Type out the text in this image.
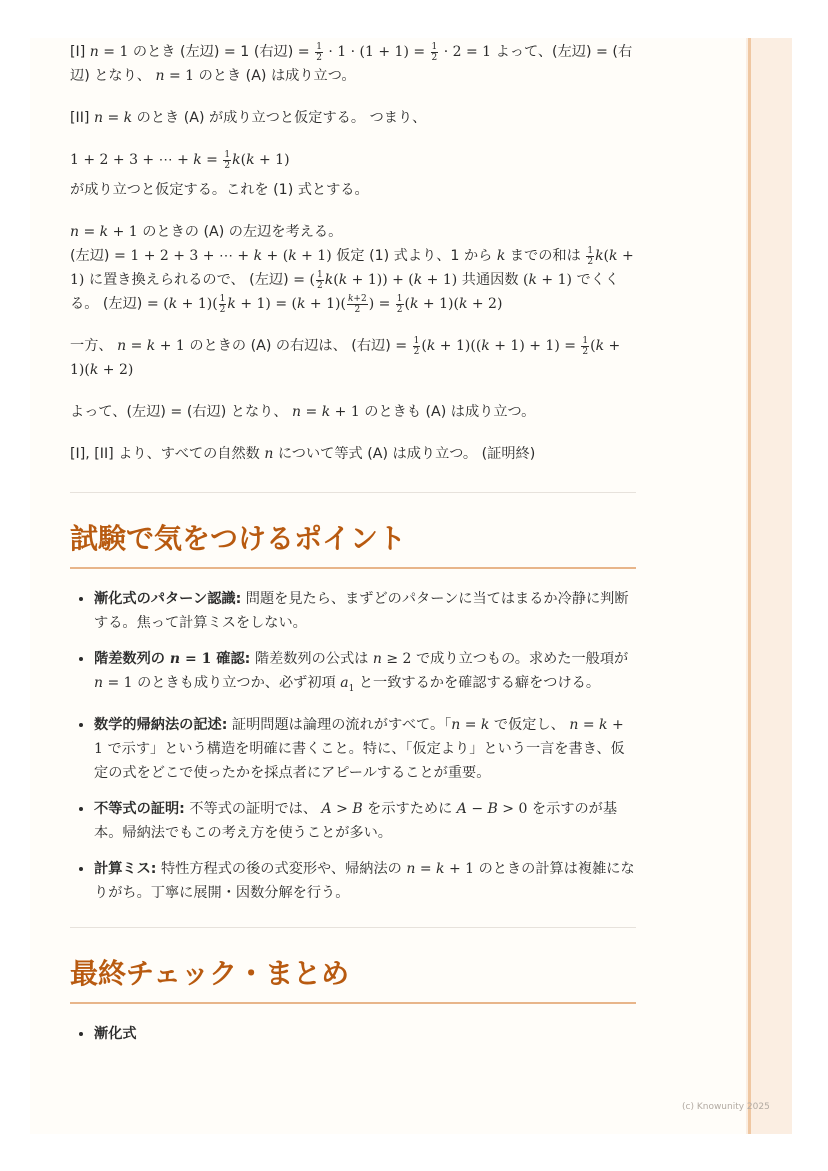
[I] n = 1 のとき (左辺) = 1 (右辺) = $\frac{1}{2} \cdot 1 \cdot (1 + 1) = \frac{1}{2} \cdot 2 = 1$ よって、(左辺) = (右辺) となり、 n = 1 のとき (A) は成り立つ。

[II] n = k のとき (A) が成り立つと仮定する。 つまり、

1 + 2 + 3 + ⋯ + $k = \frac{1}{2} k(k + 1)$

が成り立つと仮定する。これを (1) 式とする。

n = k + 1 のときの (A) の左辺を考える。
(左辺) = 1 + 2 + 3 + ⋯ + k + (k + 1) 仮定 (1) 式より、1 から k までの和は $\frac{1}{2} k(k + 1)$ に置き換えられるので、 (左辺) = ( $\frac{1}{2} k(k + 1)) + (k + 1)$ 共通因数 (k + 1) でくくる。 (左辺) = $(k + 1)( \frac{1}{2}$ $k + 1) = (k + 1)( \frac{k+2}{2}$ ) = $\frac{1}{2} (k + 1)(k + 2)$

一方、 n = k + 1 のときの (A) の右辺は、 (右辺) = $\frac{1}{2} (k + 1)((k + 1) + 1) = \frac{1}{2} (k + 1)(k + 2)$

よって、(左辺) = (右辺) となり、 n = k + 1 のときも (A) は成り立つ。

[I], [II] より、すべての自然数 n について等式 (A) は成り立つ。 (証明終)

試験で気をつけるポイント
• 漸化式のパターン認識: 問題を見たら、まずどのパターンに当てはまるか冷静に判断する。焦って計算ミスをしない。
• 階差数列の n = 1 確認: 階差数列の公式は n ≥ 2 で成り立つもの。求めた一般項が n = 1 のときも成り立つか、必ず初項 $a_1$ と一致するかを確認する癖をつける。
• 数学的帰納法の記述: 証明問題は論理の流れがすべて。「n = k で仮定し、 n = k + 1 で示す」という構造を明確に書くこと。特に、「仮定より」という一言を書き、仮定の式をどこで使ったかを採点者にアピールすることが重要。
• 不等式の証明: 不等式の証明では、 A > B を示すために A − B > 0 を示すのが基本。帰納法でもこの考え方を使うことが多い。
• 計算ミス: 特性方程式の後の式変形や、帰納法の n = k + 1 のときの計算は複雑になりがち。丁寧に展開・因数分解を行う。
最終チェック・まとめ
• 漸化式
(c) Knowunity 2025
